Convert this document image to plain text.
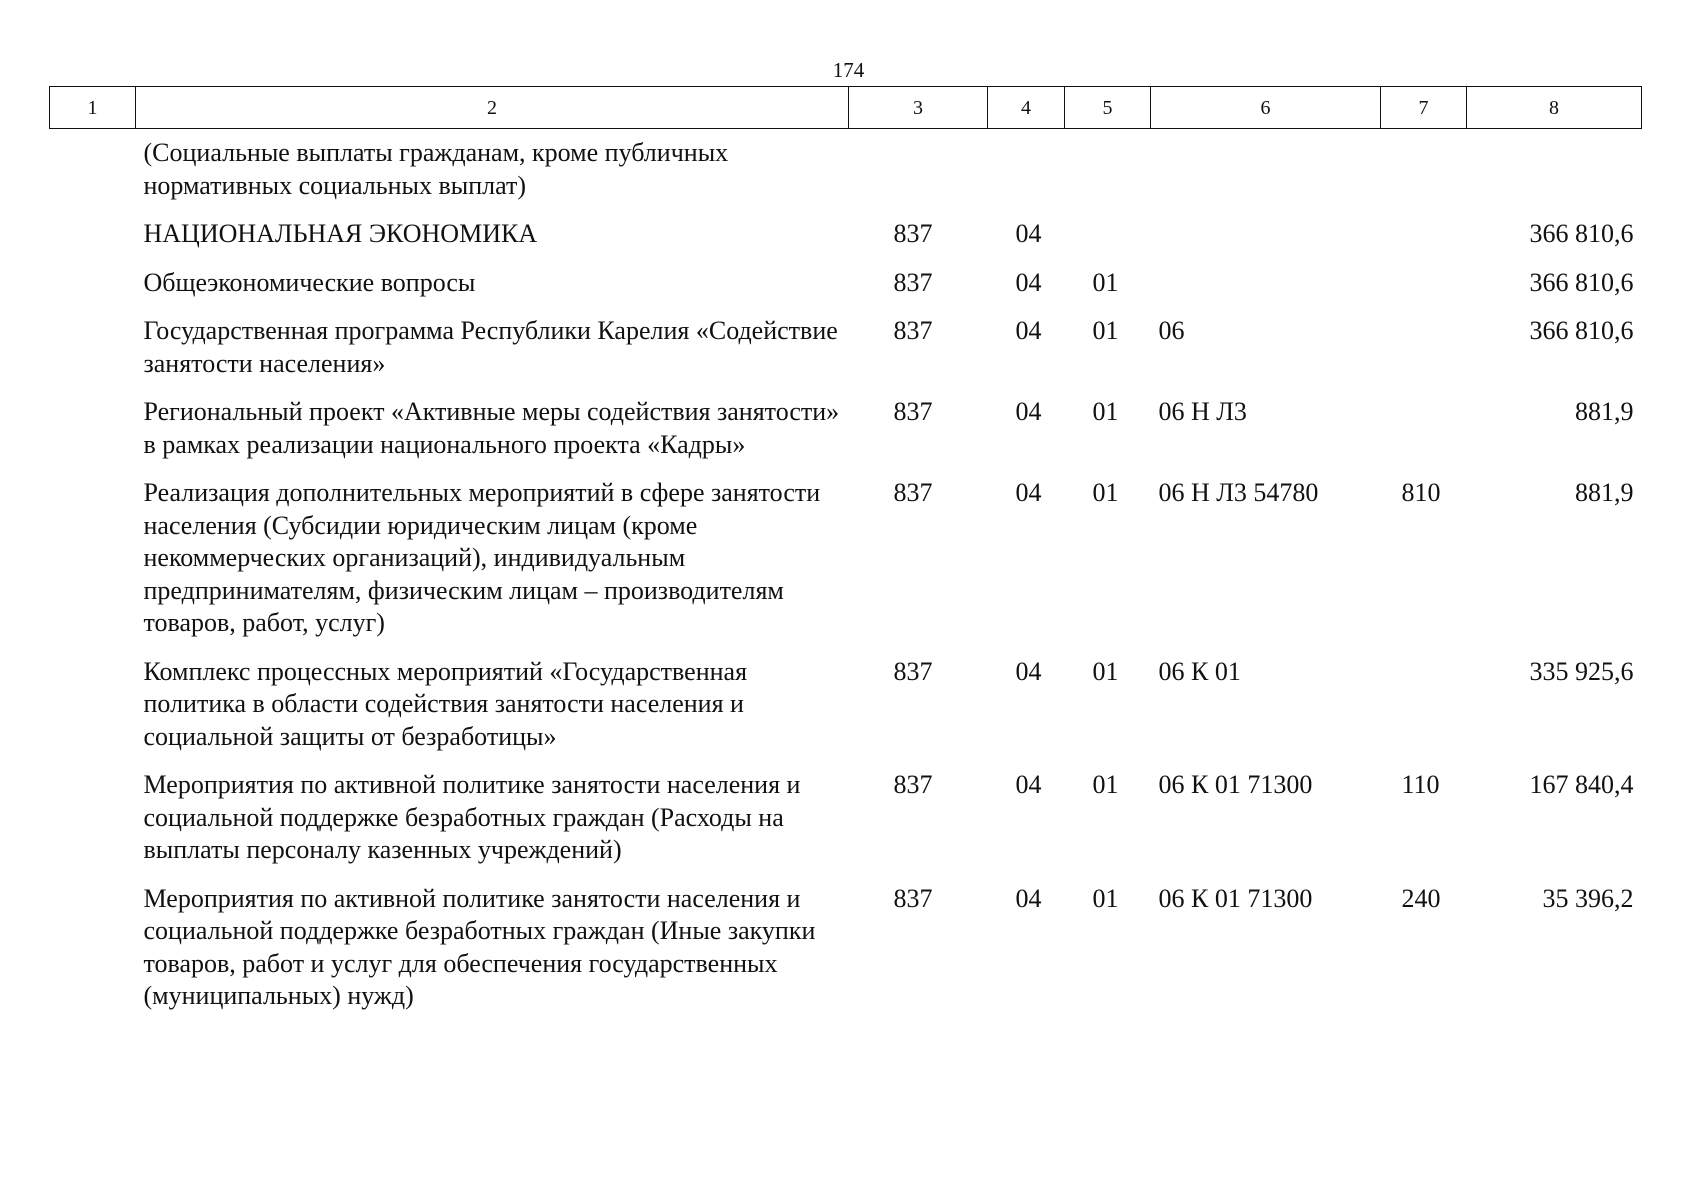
174
1	2	3	4	5	6	7	8
(Социальные выплаты гражданам, кроме публичных нормативных социальных выплат)							
НАЦИОНАЛЬНАЯ ЭКОНОМИКА		837	04				366 810,6
Общеэкономические вопросы		837	04	01			366 810,6
Государственная программа Республики Карелия «Содействие занятости населения»		837	04	01	06		366 810,6
Региональный проект «Активные меры содействия занятости» в рамках реализации национального проекта «Кадры»		837	04	01	06 Н Л3		881,9
Реализация дополнительных мероприятий в сфере занятости населения (Субсидии юридическим лицам (кроме некоммерческих организаций), индивидуальным предпринимателям, физическим лицам – производителям товаров, работ, услуг)		837	04	01	06 Н Л3 54780	810	881,9
Комплекс процессных мероприятий «Государственная политика в области содействия занятости населения и социальной защиты от безработицы»		837	04	01	06 К 01		335 925,6
Мероприятия по активной политике занятости населения и социальной поддержке безработных граждан (Расходы на выплаты персоналу казенных учреждений)		837	04	01	06 К 01 71300	110	167 840,4
Мероприятия по активной политике занятости населения и социальной поддержке безработных граждан (Иные закупки товаров, работ и услуг для обеспечения государственных (муниципальных) нужд)		837	04	01	06 К 01 71300	240	35 396,2
